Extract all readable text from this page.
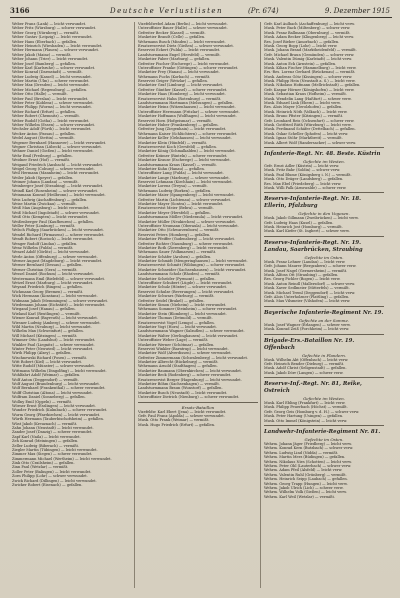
3166	Deutsche Verlustlisten	(Pr. 674)	9. Dezember 1915
Weber Franz (Lank) — leicht verwundet.
Weber Fritz (Würzburg) — schwer verwundet.
Weber Georg (Nürnberg) — vermißt.
Weber Gustav (Leipzig) — leicht verwundet.
Weber Hans (Eberbach) — gefallen.
Weber Heinrich (Wiesbaden) — leicht verwundet.
Weber Hermann (Plauen) — schwer verwundet.
Weber Jakob (Mainz) — vermißt.
Weber Johann (Trier) — leicht verwundet.
Weber Josef (Bamberg) — gefallen.
Weber Karl (Karlsruhe) — schwer verwundet.
Weber Konrad (Darmstadt) — vermißt.
Weber Ludwig (Kassel) — leicht verwundet.
Weber Martin (Ulm) — schwer verwundet.
Weber Max (Dresden) — leicht verwundet.
Weber Michael (Regensburg) — gefallen.
Weber Otto (Halle) — vermißt.
Weber Paul (Breslau) — leicht verwundet.
Weber Peter (Koblenz) — schwer verwundet.
Weber Philipp (Worms) — leicht verwundet.
Weber Richard (Erfurt) — gefallen.
Weber Robert (Chemnitz) — vermißt.
Weber Rudolf (Gotha) — leicht verwundet.
Weber Wilhelm (Essen) — schwer verwundet.
Wechsler Adolf (Fürth) — leicht verwundet.
Wecker Anton (Passau) — gefallen.
Wedel August (Stettin) — vermißt.
Wegener Bernhard (Hannover) — leicht verwundet.
Wegner Christian (Lübeck) — schwer verwundet.
Wehner Daniel (Gießen) — leicht verwundet.
Wehr Emil (Freiburg) — gefallen.
Weidner Ernst (Hof) — vermißt.
Weigand Friedrich (Ansbach) — leicht verwundet.
Weigel Georg (Coburg) — schwer verwundet.
Weil Hermann (Mannheim) — leicht verwundet.
Weiler Jakob (Speyer) — gefallen.
Weimer Johann (Landau) — vermißt.
Weinberger Josef (Straubing) — leicht verwundet.
Weindl Karl (Rosenheim) — schwer verwundet.
Weinmann Konrad (Heilbronn) — leicht verwundet.
Weis Ludwig (Aschaffenburg) — gefallen.
Weise Martin (Zwickau) — vermißt.
Weiß Max (Augsburg) — leicht verwundet.
Weiß Michael (Ingolstadt) — schwer verwundet.
Weiß Otto (Kempten) — leicht verwundet.
Weißenberger Paul (Kaufbeuren) — gefallen.
Weller Peter (Limburg) — vermißt.
Welsch Philipp (Saarbrücken) — leicht verwundet.
Wendel Richard (Pirmasens) — schwer verwundet.
Wendt Robert (Rostock) — leicht verwundet.
Wenger Rudolf (Lindau) — gefallen.
Wenz Wilhelm (Fulda) — vermißt.
Wenzel Adolf (Görlitz) — leicht verwundet.
Werle Anton (Offenburg) — schwer verwundet.
Werner August (Magdeburg) — leicht verwundet.
Werner Bernhard (Dessau) — gefallen.
Werner Christian (Gera) — vermißt.
Wessel Daniel (Bochum) — leicht verwundet.
Westermann Emil (Bielefeld) — schwer verwundet.
Wetzel Ernst (Marburg) — leicht verwundet.
Weyand Friedrich (Bingen) — gefallen.
Wichmann Georg (Bremen) — vermißt.
Wick Hermann (Konstanz) — leicht verwundet.
Widmann Jakob (Memmingen) — schwer verwundet.
Wiedemann Johann (Eichstätt) — leicht verwundet.
Wiegand Josef (Hanau) — gefallen.
Wieland Karl (Reutlingen) — vermißt.
Wiener Konrad (Bayreuth) — leicht verwundet.
Wiesner Ludwig (Amberg) — schwer verwundet.
Wild Martin (Neuburg) — leicht verwundet.
Wilhelm Max (Schweinfurt) — gefallen.
Will Michael (Kitzingen) — vermißt.
Wimmer Otto (Landshut) — leicht verwundet.
Winkler Paul (Liegnitz) — schwer verwundet.
Winter Peter (Neuwied) — leicht verwundet.
Wirth Philipp (Alzey) — gefallen.
Wischnewski Richard (Posen) — vermißt.
Witt Robert (Kiel) — leicht verwundet.
Witte Rudolf (Münster) — schwer verwundet.
Wittmann Wilhelm (Dingolfing) — leicht verwundet.
Wohlfahrt Adolf (Weimar) — gefallen.
Wolf Anton (Deggendorf) — vermißt.
Wolf August (Brandenburg) — leicht verwundet.
Wolf Bernhard (Frankenthal) — schwer verwundet.
Wolff Christian (Altona) — leicht verwundet.
Wolfram Daniel (Sonneberg) — gefallen.
Wollny Emil (Oppeln) — vermißt.
Wörner Ernst (Esslingen) — leicht verwundet.
Wunder Friedrich (Kulmbach) — schwer verwundet.
Wurm Georg (Pfarrkirchen) — leicht verwundet.
Würth Hermann (Tauberbischofsheim) — gefallen.
Wüst Jakob (Kreuznach) — vermißt.
Zahn Johann (Neustadt) — leicht verwundet.
Zander Josef (Danzig) — schwer verwundet.
Zapf Karl (Naila) — leicht verwundet.
Zeh Konrad (Meiningen) — gefallen.
Zeller Ludwig (Biberach) — vermißt.
Ziegler Martin (Tübingen) — leicht verwundet.
Zimmer Max (Siegen) — schwer verwundet.
Zimmermann Michael (Wertheim) — leicht verwundet.
Zink Otto (Crailsheim) — gefallen.
Zinn Paul (Wetzlar) — vermißt.
Zoller Peter (Balingen) — leicht verwundet.
Zorn Philipp (Lohr) — schwer verwundet.
Zwick Richard (Dillingen) — leicht verwundet.
Zwicker Robert (Eisenach) — gefallen.
Vizefeldwebel Adam (Berlin) — leicht verwundet.
Unteroffizier Bauer (Halle) — schwer verwundet.
Gefreiter Becker (Kassel) — vermißt.
Musketier Brandt (Celle) — gefallen.
Wehrmann Busch (Minden) — leicht verwundet.
Ersatzreservist Dietz (Gießen) — schwer verwundet.
Reservist Eckert (Fulda) — leicht verwundet.
Landsturmmann Engel (Hersfeld) — vermißt.
Musketier Faber (Marburg) — gefallen.
Gefreiter Fischer (Eschwege) — leicht verwundet.
Unteroffizier Franke (Göttingen) — schwer verwundet.
Musketier Frey (Hanau) — leicht verwundet.
Wehrmann Fuchs (Korbach) — vermißt.
Reservist Geiger (Wetzlar) — gefallen.
Musketier Graf (Limburg) — leicht verwundet.
Gefreiter Günther (Kassel) — schwer verwundet.
Musketier Haas (Homberg) — leicht verwundet.
Ersatzreservist Hahn (Rotenburg) — vermißt.
Landsturmmann Hartmann (Melsungen) — gefallen.
Musketier Heinz (Witzenhausen) — leicht verwundet.
Unteroffizier Herrmann (Fritzlar) — schwer verwundet.
Musketier Hoffmann (Wolfhagen) — leicht verwundet.
Reservist Horn (Hofgeismar) — vermißt.
Musketier Huber (Frankenberg) — gefallen.
Gefreiter Jung (Ziegenhain) — leicht verwundet.
Wehrmann Kaiser (Schlüchtern) — schwer verwundet.
Musketier Keller (Gelnhausen) — leicht verwundet.
Musketier Klein (Hünfeld) — vermißt.
Ersatzreservist Koch (Gersfeld) — gefallen.
Musketier König (Schmalkalden) — leicht verwundet.
Gefreiter Krämer (Rinteln) — schwer verwundet.
Musketier Krause (Eschwege) — leicht verwundet.
Landsturmmann Kraus (Kassel) — vermißt.
Musketier Kuhn (Hanau) — gefallen.
Unteroffizier Lang (Fulda) — leicht verwundet.
Musketier Lange (Marburg) — schwer verwundet.
Reservist Lehmann (Kirchhain) — leicht verwundet.
Musketier Lorenz (Treysa) — vermißt.
Wehrmann Ludwig (Borken) — gefallen.
Musketier Maier (Spangenberg) — leicht verwundet.
Gefreiter Martin (Lichtenau) — schwer verwundet.
Musketier Mayer (Sontra) — leicht verwundet.
Ersatzreservist Meier (Bebra) — vermißt.
Musketier Meyer (Hersfeld) — gefallen.
Landsturmmann Möller (Niederaula) — leicht verwundet.
Musketier Müller (Neukirchen) — schwer verwundet.
Unteroffizier Neumann (Oberaula) — leicht verwundet.
Musketier Otto (Schwarzenborn) — vermißt.
Reservist Peters (Homberg) — gefallen.
Musketier Pfeiffer (Gudensberg) — leicht verwundet.
Gefreiter Richter (Naumburg) — schwer verwundet.
Musketier Roth (Zierenberg) — leicht verwundet.
Wehrmann Sauer (Volkmarsen) — vermißt.
Musketier Schäfer (Arolsen) — gefallen.
Musketier Schmidt (Mengeringhausen) — leicht verwundet.
Ersatzreservist Schmitt (Wildungen) — schwer verwundet.
Musketier Schneider (Sachsenhausen) — leicht verwundet.
Landsturmmann Scholz (Rhoden) — vermißt.
Musketier Schröder (Pyrmont) — gefallen.
Unteroffizier Schubert (Lügde) — leicht verwundet.
Musketier Schulz (Höxter) — schwer verwundet.
Reservist Schulze (Beverungen) — leicht verwundet.
Musketier Schwarz (Warburg) — vermißt.
Gefreiter Seidel (Brakel) — gefallen.
Musketier Simon (Nieheim) — leicht verwundet.
Wehrmann Sommer (Steinheim) — schwer verwundet.
Musketier Stein (Blomberg) — leicht verwundet.
Musketier Thomas (Detmold) — vermißt.
Ersatzreservist Vogel (Lemgo) — gefallen.
Musketier Vogt (Horn) — leicht verwundet.
Landsturmmann Wagner (Salzuflen) — schwer verwundet.
Musketier Walter (Oerlinghausen) — leicht verwundet.
Unteroffizier Weber (Lage) — vermißt.
Musketier Werner (Schötmar) — gefallen.
Reservist Winkler (Barntrup) — leicht verwundet.
Musketier Wolf (Alverdissen) — schwer verwundet.
Gefreiter Zimmermann (Schwalenberg) — leicht verwundet.
Musketier Albrecht (Bückeburg) — vermißt.
Wehrmann Arnold (Stadthagen) — gefallen.
Musketier Baumann (Obernkirchen) — leicht verwundet.
Musketier Beck (Rodenberg) — schwer verwundet.
Ersatzreservist Berger (Hagenburg) — leicht verwundet.
Musketier Böhm (Sachsenhagen) — vermißt.
Landsturmmann Braun (Wunstorf) — gefallen.
Musketier Busch (Neustadt) — leicht verwundet.
Unteroffizier Dietrich (Nienburg) — schwer verwundet.
Ersatz-Bataillon
Vizefeldw. Karl Ebert (Jena) — leicht verwundet.
Gefr. Paul Franz (Apolda) — schwer verwundet.
Musk. Otto Frank (Weimar) — vermißt.
Musk. Hugo Friedrich (Erfurt) — gefallen.
Gefr. Karl Aulbach (Aschaffenburg) — leicht verw.
Musk. Peter Bach (Miltenberg) — schwer verw.
Musk. Franz Ballmann (Obernburg) — vermißt.
Musk. Adam Becker (Klingenberg) — leicht verw.
Res. Josef Bieber (Amorbach) — gefallen.
Musk. Georg Bopp (Lohr) — leicht verw.
Musk. Johann Brand (Marktheidenfeld) — vermißt.
Gefr. Michael Braun (Gemünden) — schwer verw.
Musk. Valentin Dümig (Karlstadt) — leicht verw.
Musk. Anton Eck (Arnstein) — gefallen.
Musk. Kilian Fischer (Hammelburg) — leicht verw.
Ers.-Res. Lorenz Gerhard (Brückenau) — vermißt.
Musk. Andreas Götz (Kissingen) — schwer verw.
Musk. Philipp Hein (Neustadt a. S.) — leicht verw.
Musk. Nikolaus Hofmann (Mellrichstadt) — gefallen.
Gefr. Kaspar Hörner (Königshofen) — leicht verw.
Musk. Sebastian Kraus (Hofheim) — vermißt.
Musk. Wendelin Lang (Haßfurt) — schwer verw.
Musk. Eduard Link (Ebern) — leicht verw.
Res. Alois Mayer (Gerolzhofen) — gefallen.
Musk. Heinrich Nöth (Volkach) — leicht verw.
Musk. Bruno Pfister (Kitzingen) — vermißt.
Gefr. Leonhard Reis (Ochsenfurt) — schwer verw.
Musk. Gottfried Rüth (Würzburg) — leicht verw.
Musk. Ferdinand Schäfer (Dettelbach) — gefallen.
Musk. Oskar Scheller (Iphofen) — leicht verw.
Musk. Ignaz Stöhr (Marktbreit) — vermißt.
Musk. Albert Wolf (Randersacker) — schwer verw.
Infanterie-Regt. Nr. 48. Beste. Küstrin
Gefechte im Westen.
Gefr. Ernst Adler (Küstrin) — leicht verw.
Musk. Fritz Bahr (Soldin) — schwer verw.
Musk. Paul Blume (Königsberg i. N.) — vermißt.
Musk. Otto Dräger (Landsberg) — gefallen.
Res. Max Ebel (Friedeberg) — leicht verw.
Musk. Willi Falk (Arnswalde) — schwer verw.
Reserve-Infanterie-Regt. Nr. 18. Ellerin, Pfalzburg
Gefechte in den Vogesen.
Musk. Jakob Gillmann (Zweibrücken) — leicht verw.
Gefr. Ludwig Haas (Kusel) — gefallen.
Musk. Heinrich Jost (Homburg) — vermißt.
Musk. Karl Kiefer (St. Ingbert) — schwer verw.
Reserve-Infanterie-Regt. Nr. 19. Landau, Saarbrücken, Straubing
Gefechte im Osten.
Musk. Franz Lehner (Landau) — leicht verw.
Gefr. Johann Maurer (Bergzabern) — schwer verw.
Musk. Josef Nagel (Germersheim) — vermißt.
Musk. Alfons Ott (Straubing) — gefallen.
Res. Georg Pichler (Bogen) — leicht verw.
Musk. Anton Reindl (Mallersdorf) — schwer verw.
Musk. Xaver Sedlmeier (Mitterfels) — vermißt.
Musk. Michael Treml (Deggendorf) — leicht verw.
Gefr. Alois Unterholzner (Plattling) — gefallen.
Musk. Max Vilsmeier (Vilshofen) — leicht verw.
Bayerische Infanterie-Regiment Nr. 19.
Gefechte an der Somme.
Musk. Josef Wagner (Erlangen) — schwer verw.
Musk. Konrad Zeiß (Forchheim) — leicht verw.
Brigade-Ers.-Bataillon Nr. 19. Offenbach
Gefechte in Flandern.
Musk. Wilhelm Abt (Offenbach) — leicht verw.
Gefr. Heinrich Bender (Dieburg) — vermißt.
Musk. Adolf Christ (Seligenstadt) — gefallen.
Musk. Jakob Dörr (Langen) — schwer verw.
Reserve-Inf.-Regt. Nr. 81, Reike, Ostreich
Gefechte im Westen.
Musk. Karl Ebling (Frankfurt) — leicht verw.
Musk. Philipp Feuerbach (Höchst) — vermißt.
Gefr. Georg Geis (Homburg v. d. H.) — schwer verw.
Musk. Peter Hartung (Usingen) — gefallen.
Musk. Otto Immel (Königstein) — leicht verw.
Landwehr-Infanterie-Regiment Nr. 81.
Gefechte im Osten.
Wehrm. Johann Jäger (Friedberg) — leicht verw.
Wehrm. Konrad Kern (Butzbach) — schwer verw.
Wehrm. Ludwig Lind (Nidda) — vermißt.
Wehrm. Martin Merz (Büdingen) — gefallen.
Wehrm. Nikolaus Nies (Schotten) — leicht verw.
Wehrm. Peter Ohl (Lauterbach) — schwer verw.
Wehrm. Adam Pfeil (Alsfeld) — leicht verw.
Wehrm. Valentin Ruhl (Grünberg) — vermißt.
Wehrm. Heinrich Seipp (Laubach) — gefallen.
Wehrm. Georg Trapp (Hungen) — leicht verw.
Wehrm. Jakob Ulrich (Lich) — schwer verw.
Wehrm. Wilhelm Volk (Gießen) — leicht verw.
Wehrm. Karl Weil (Wetzlar) — vermißt.
